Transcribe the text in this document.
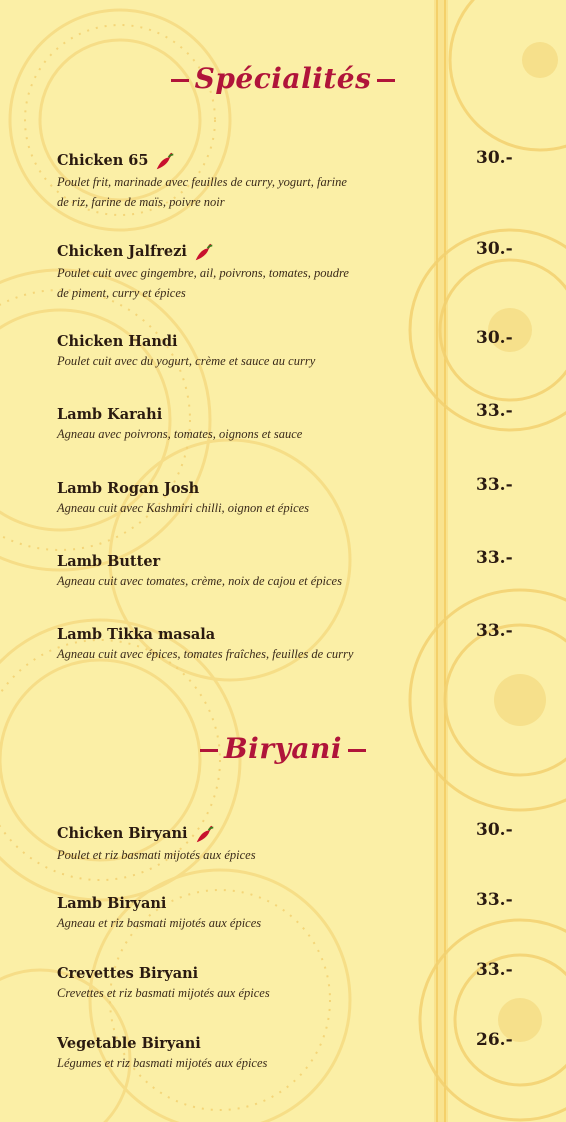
Spécialités
Chicken 65
Poulet frit, marinade avec feuilles de curry, yogurt, farine de riz, farine de maïs, poivre noir
30.-
Chicken Jalfrezi
Poulet cuit avec gingembre, ail, poivrons, tomates, poudre de piment, curry et épices
30.-
Chicken Handi
Poulet cuit avec du yogurt, crème et sauce au curry
30.-
Lamb Karahi
Agneau avec poivrons, tomates, oignons et sauce
33.-
Lamb Rogan Josh
Agneau cuit avec Kashmiri chilli, oignon et épices
33.-
Lamb Butter
Agneau cuit avec tomates, crème, noix de cajou et épices
33.-
Lamb Tikka masala
Agneau cuit avec épices, tomates fraîches, feuilles de curry
33.-
Biryani
Chicken Biryani
Poulet et riz basmati mijotés aux épices
30.-
Lamb Biryani
Agneau et riz basmati mijotés aux épices
33.-
Crevettes Biryani
Crevettes et riz basmati mijotés aux épices
33.-
Vegetable Biryani
Légumes et riz basmati mijotés aux épices
26.-
